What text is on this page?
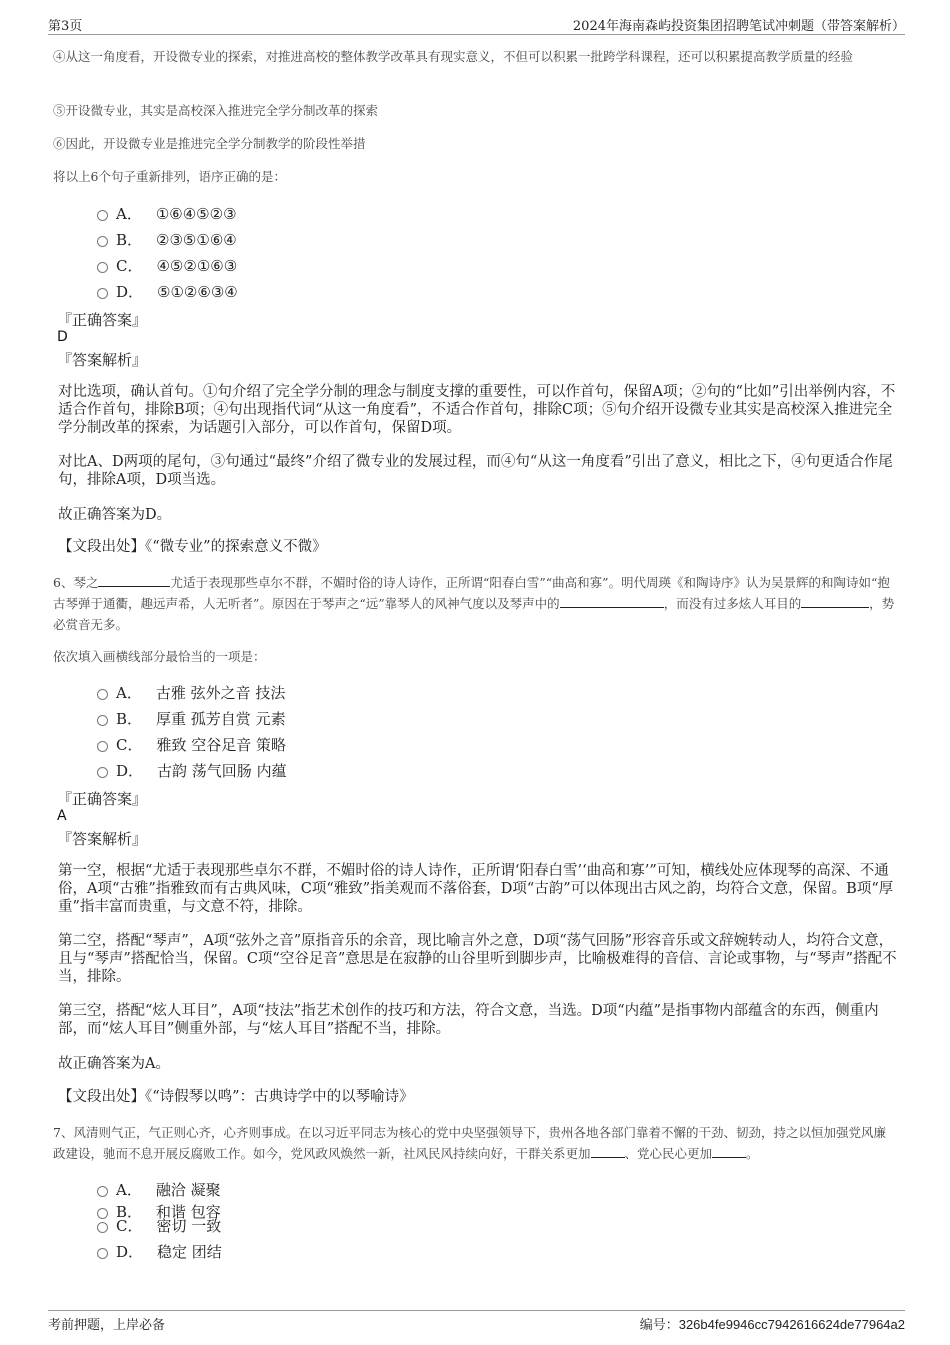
第3页	2024年海南森屿投资集团招聘笔试冲刺题（带答案解析）
④从这一角度看，开设微专业的探索，对推进高校的整体教学改革具有现实意义，不但可以积累一批跨学科课程，还可以积累提高教学质量的经验
⑤开设微专业，其实是高校深入推进完全学分制改革的探索
⑥因此，开设微专业是推进完全学分制教学的阶段性举措
将以上6个句子重新排列，语序正确的是：
A． ①⑥④⑤②③
B． ②③⑤①⑥④
C． ④⑤②①⑥③
D． ⑤①②⑥③④
『正确答案』
D
『答案解析』
对比选项，确认首句。①句介绍了完全学分制的理念与制度支撑的重要性，可以作首句，保留A项；②句的“比如”引出举例内容，不适合作首句，排除B项；④句出现指代词“从这一角度看”，不适合作首句，排除C项；⑤句介绍开设微专业其实是高校深入推进完全学分制改革的探索，为话题引入部分，可以作首句，保留D项。
对比A、D两项的尾句，③句通过“最终”介绍了微专业的发展过程，而④句“从这一角度看”引出了意义，相比之下，④句更适合作尾句，排除A项，D项当选。
故正确答案为D。
【文段出处】《“微专业”的探索意义不微》
6、琴之	尤适于表现那些卓尔不群，不媚时俗的诗人诗作，正所谓“阳春白雪”“曲高和寡”。明代周瑛《和陶诗序》认为吴景辉的和陶诗如“抱古琴弹于通衢，趣远声希，人无听者”。原因在于琴声之“远”靠琴人的风神气度以及琴声中的	，而没有过多炫人耳目的	，势必赏音无多。
依次填入画横线部分最恰当的一项是：
A． 古雅 弦外之音 技法
B． 厚重 孤芳自赏 元素
C． 雅致 空谷足音 策略
D． 古韵 荡气回肠 内蕴
『正确答案』
A
『答案解析』
第一空，根据“尤适于表现那些卓尔不群，不媚时俗的诗人诗作，正所谓‘阳春白雪’‘曲高和寡’”可知，横线处应体现琴的高深、不通俗，A项“古雅”指雅致而有古典风味，C项“雅致”指美观而不落俗套，D项“古韵”可以体现出古风之韵，均符合文意，保留。B项“厚重”指丰富而贵重，与文意不符，排除。
第二空，搭配“琴声”，A项“弦外之音”原指音乐的余音，现比喻言外之意，D项“荡气回肠”形容音乐或文辞婉转动人，均符合文意，且与“琴声”搭配恰当，保留。C项“空谷足音”意思是在寂静的山谷里听到脚步声，比喻极难得的音信、言论或事物，与“琴声”搭配不当，排除。
第三空，搭配“炫人耳目”，A项“技法”指艺术创作的技巧和方法，符合文意，当选。D项“内蕴”是指事物内部蕴含的东西，侧重内部，而“炫人耳目”侧重外部，与“炫人耳目”搭配不当，排除。
故正确答案为A。
【文段出处】《“诗假琴以鸣”：古典诗学中的以琴喻诗》
7、风清则气正，气正则心齐，心齐则事成。在以习近平同志为核心的党中央坚强领导下，贵州各地各部门靠着不懈的干劲、韧劲，持之以恒加强党风廉政建设，驰而不息开展反腐败工作。如今，党风政风焕然一新，社风民风持续向好，干群关系更加	、党心民心更加	。
A． 融洽 凝聚
B． 和谐 包容
C． 密切 一致
D． 稳定 团结
考前押题，上岸必备	编号：326b4fe9946cc7942616624de77964a2
